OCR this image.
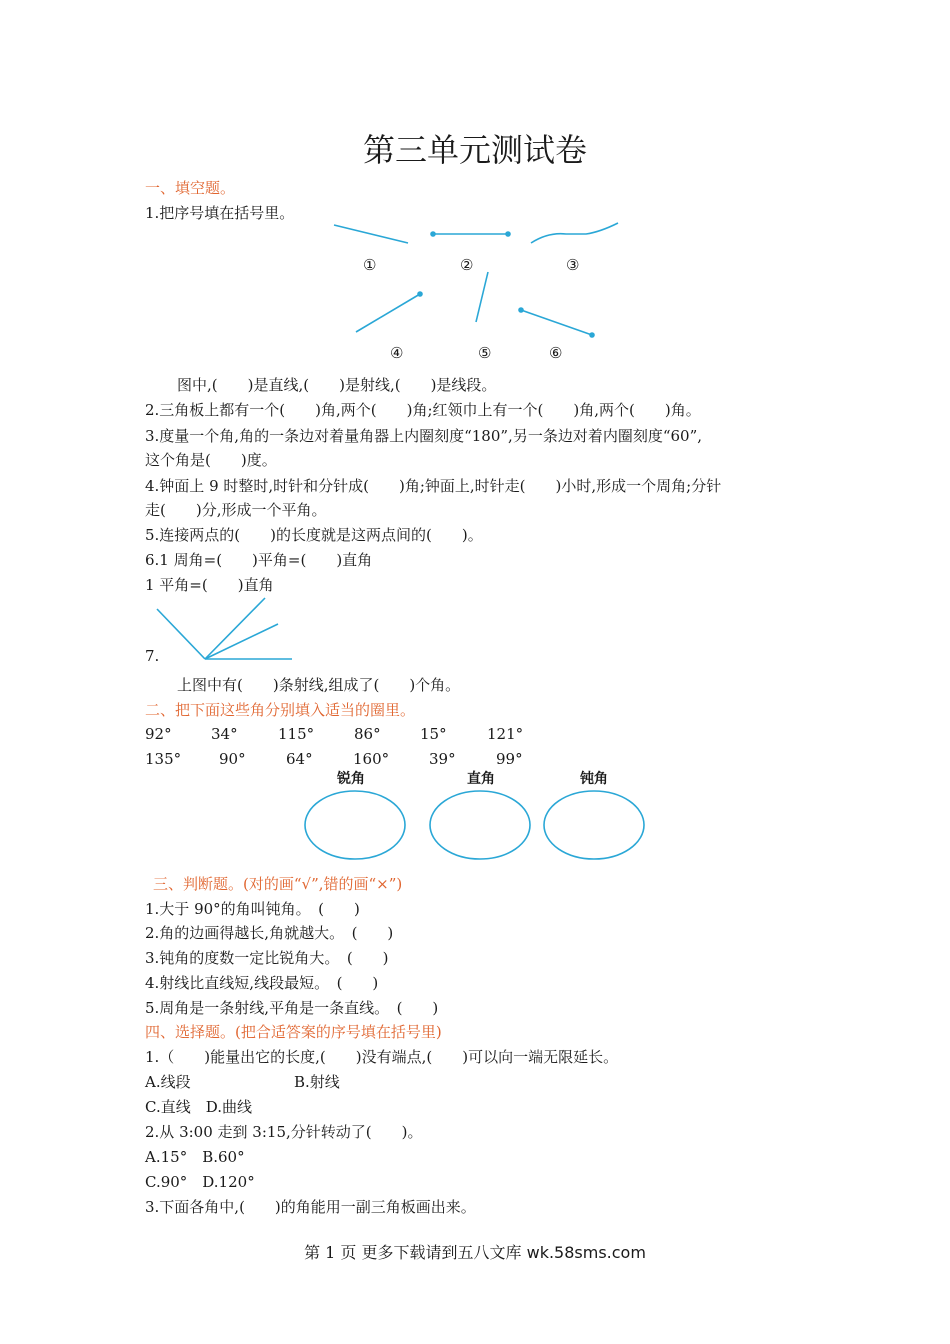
第三单元测试卷
一、填空题。
1.把序号填在括号里。
①	②	③
④	⑤	⑥
图中,(　　)是直线,(　　)是射线,(　　)是线段。
2.三角板上都有一个(　　)角,两个(　　)角;红领巾上有一个(　　)角,两个(　　)角。
3.度量一个角,角的一条边对着量角器上内圈刻度“180”,另一条边对着内圈刻度“60”,
这个角是(　　)度。
4.钟面上 9 时整时,时针和分针成(　　)角;钟面上,时针走(　　)小时,形成一个周角;分针
走(　　)分,形成一个平角。
5.连接两点的(　　)的长度就是这两点间的(　　)。
6.1 周角=(　　)平角=(　　)直角
1 平角=(　　)直角
7.
上图中有(　　)条射线,组成了(　　)个角。
二、把下面这些角分别填入适当的圈里。
92°	34°	115°	86°	15°	121°
135°	90°	64°	160°	39°	99°
锐角	直角	钝角
三、判断题。(对的画“√”,错的画“×”)
1.大于 90°的角叫钝角。　(　　)
2.角的边画得越长,角就越大。　(　　)
3.钝角的度数一定比锐角大。　(　　)
4.射线比直线短,线段最短。　(　　)
5.周角是一条射线,平角是一条直线。　(　　)
四、选择题。(把合适答案的序号填在括号里)
1.（　　)能量出它的长度,(　　)没有端点,(　　)可以向一端无限延长。
A.线段	B.射线
C.直线　D.曲线
2.从 3:00 走到 3:15,分针转动了(　　)。
A.15°　B.60°
C.90°　D.120°
3.下面各角中,(　　)的角能用一副三角板画出来。
第 1 页 更多下载请到五八文库 wk.58sms.com
